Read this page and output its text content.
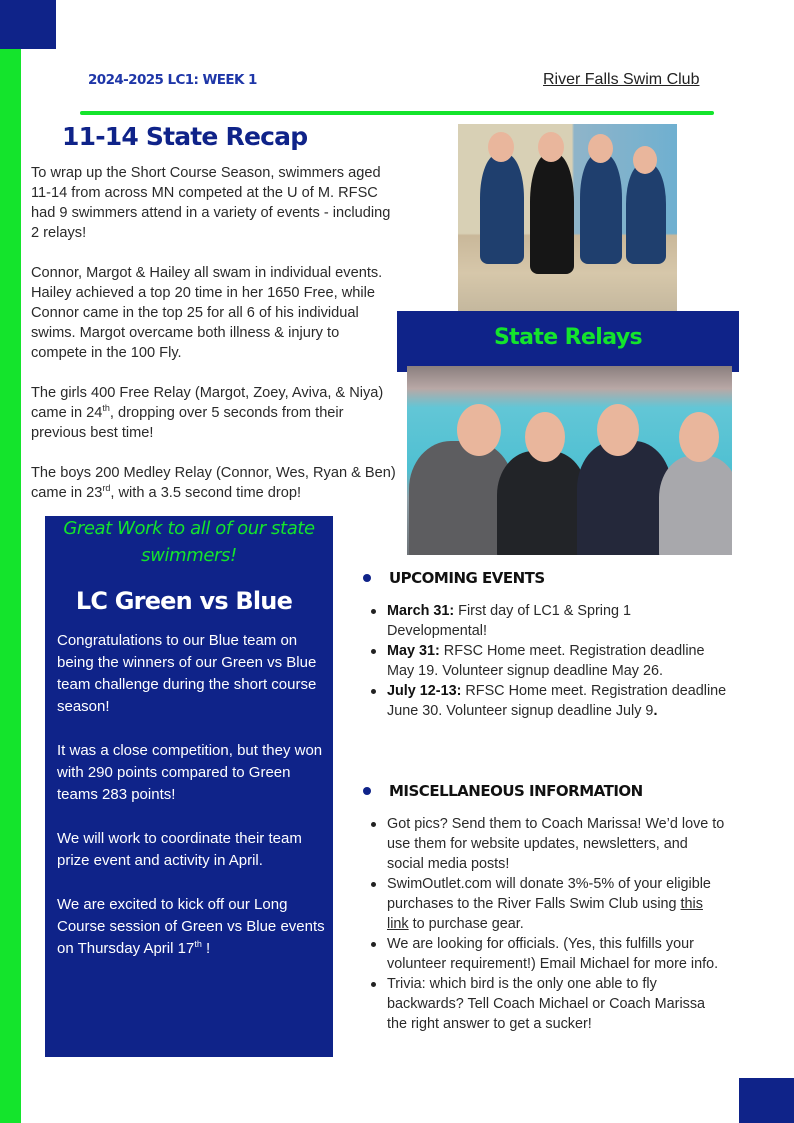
2024-2025 LC1: WEEK 1	River Falls Swim Club
11-14 State Recap

To wrap up the Short Course Season, swimmers aged 11-14 from across MN competed at the U of M. RFSC had 9 swimmers attend in a variety of events - including 2 relays!

Connor, Margot & Hailey all swam in individual events. Hailey achieved a top 20 time in her 1650 Free, while Connor came in the top 25 for all 6 of his individual swims. Margot overcame both illness & injury to compete in the 100 Fly.

The girls 400 Free Relay (Margot, Zoey, Aviva, & Niya) came in 24th, dropping over 5 seconds from their previous best time!

The boys 200 Medley Relay (Connor, Wes, Ryan & Ben) came in 23rd, with a 3.5 second time drop!

State Relays
Great Work to all of our state swimmers!
LC Green vs Blue

Congratulations to our Blue team on being the winners of our Green vs Blue team challenge during the short course season!

It was a close competition, but they won with 290 points compared to Green teams 283 points!

We will work to coordinate their team prize event and activity in April.

We are excited to kick off our Long Course session of Green vs Blue events on Thursday April 17th !

UPCOMING EVENTS
March 31: First day of LC1 & Spring 1 Developmental!
May 31: RFSC Home meet. Registration deadline May 19. Volunteer signup deadline May 26.
July 12-13: RFSC Home meet. Registration deadline June 30. Volunteer signup deadline July 9.
MISCELLANEOUS INFORMATION
Got pics? Send them to Coach Marissa! We’d love to use them for website updates, newsletters, and social media posts!
SwimOutlet.com will donate 3%-5% of your eligible purchases to the River Falls Swim Club using this link to purchase gear.
We are looking for officials. (Yes, this fulfills your volunteer requirement!) Email Michael for more info.
Trivia: which bird is the only one able to fly backwards? Tell Coach Michael or Coach Marissa the right answer to get a sucker!
